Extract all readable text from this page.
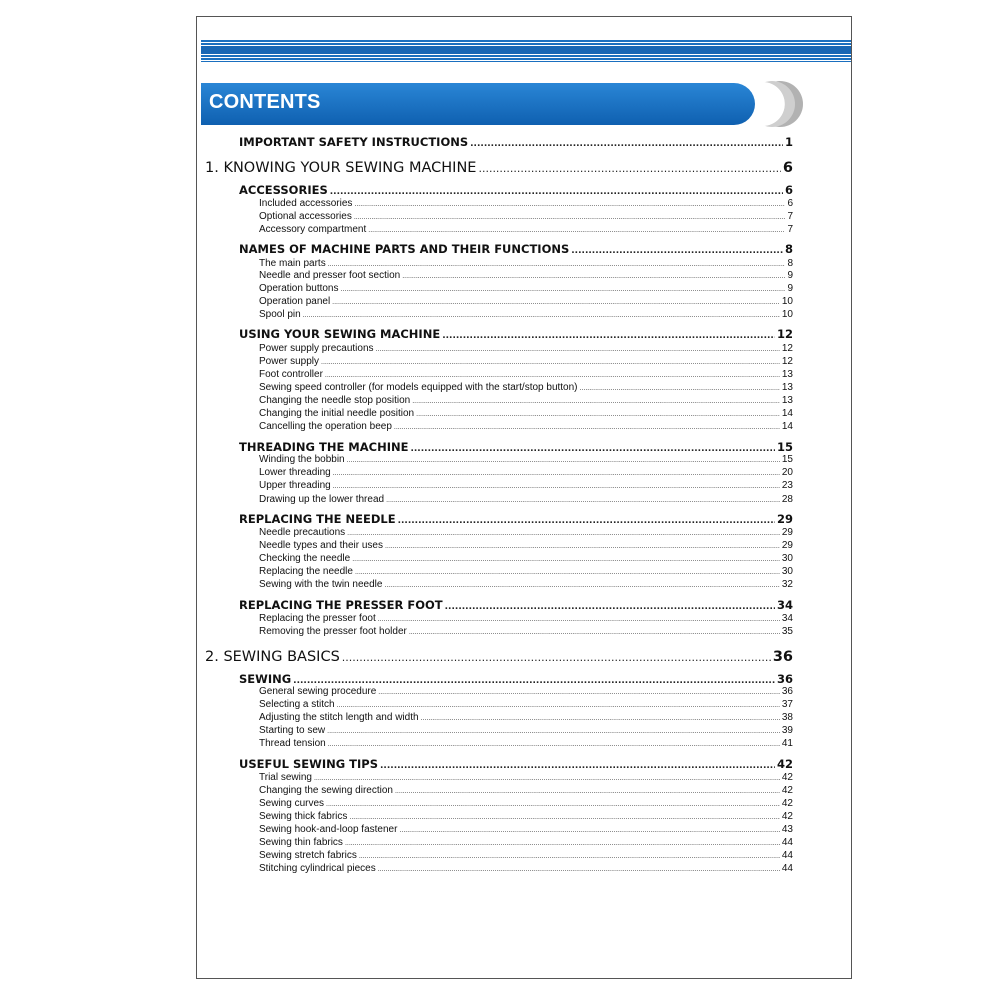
CONTENTS
IMPORTANT SAFETY INSTRUCTIONS .....	1
1. KNOWING YOUR SEWING MACHINE .....	6
ACCESSORIES .....	6
Included accessories .....	6
Optional accessories .....	7
Accessory compartment .....	7
NAMES OF MACHINE PARTS AND THEIR FUNCTIONS .....	8
The main parts .....	8
Needle and presser foot section .....	9
Operation buttons .....	9
Operation panel .....	10
Spool pin .....	10
USING YOUR SEWING MACHINE .....	12
Power supply precautions .....	12
Power supply .....	12
Foot controller .....	13
Sewing speed controller (for models equipped with the start/stop button) .....	13
Changing the needle stop position .....	13
Changing the initial needle position .....	14
Cancelling the operation beep .....	14
THREADING THE MACHINE .....	15
Winding the bobbin .....	15
Lower threading .....	20
Upper threading .....	23
Drawing up the lower thread .....	28
REPLACING THE NEEDLE .....	29
Needle precautions .....	29
Needle types and their uses .....	29
Checking the needle .....	30
Replacing the needle .....	30
Sewing with the twin needle .....	32
REPLACING THE PRESSER FOOT .....	34
Replacing the presser foot .....	34
Removing the presser foot holder .....	35
2. SEWING BASICS .....	36
SEWING .....	36
General sewing procedure .....	36
Selecting a stitch .....	37
Adjusting the stitch length and width .....	38
Starting to sew .....	39
Thread tension .....	41
USEFUL SEWING TIPS .....	42
Trial sewing .....	42
Changing the sewing direction .....	42
Sewing curves .....	42
Sewing thick fabrics .....	42
Sewing hook-and-loop fastener .....	43
Sewing thin fabrics .....	44
Sewing stretch fabrics .....	44
Stitching cylindrical pieces .....	44
